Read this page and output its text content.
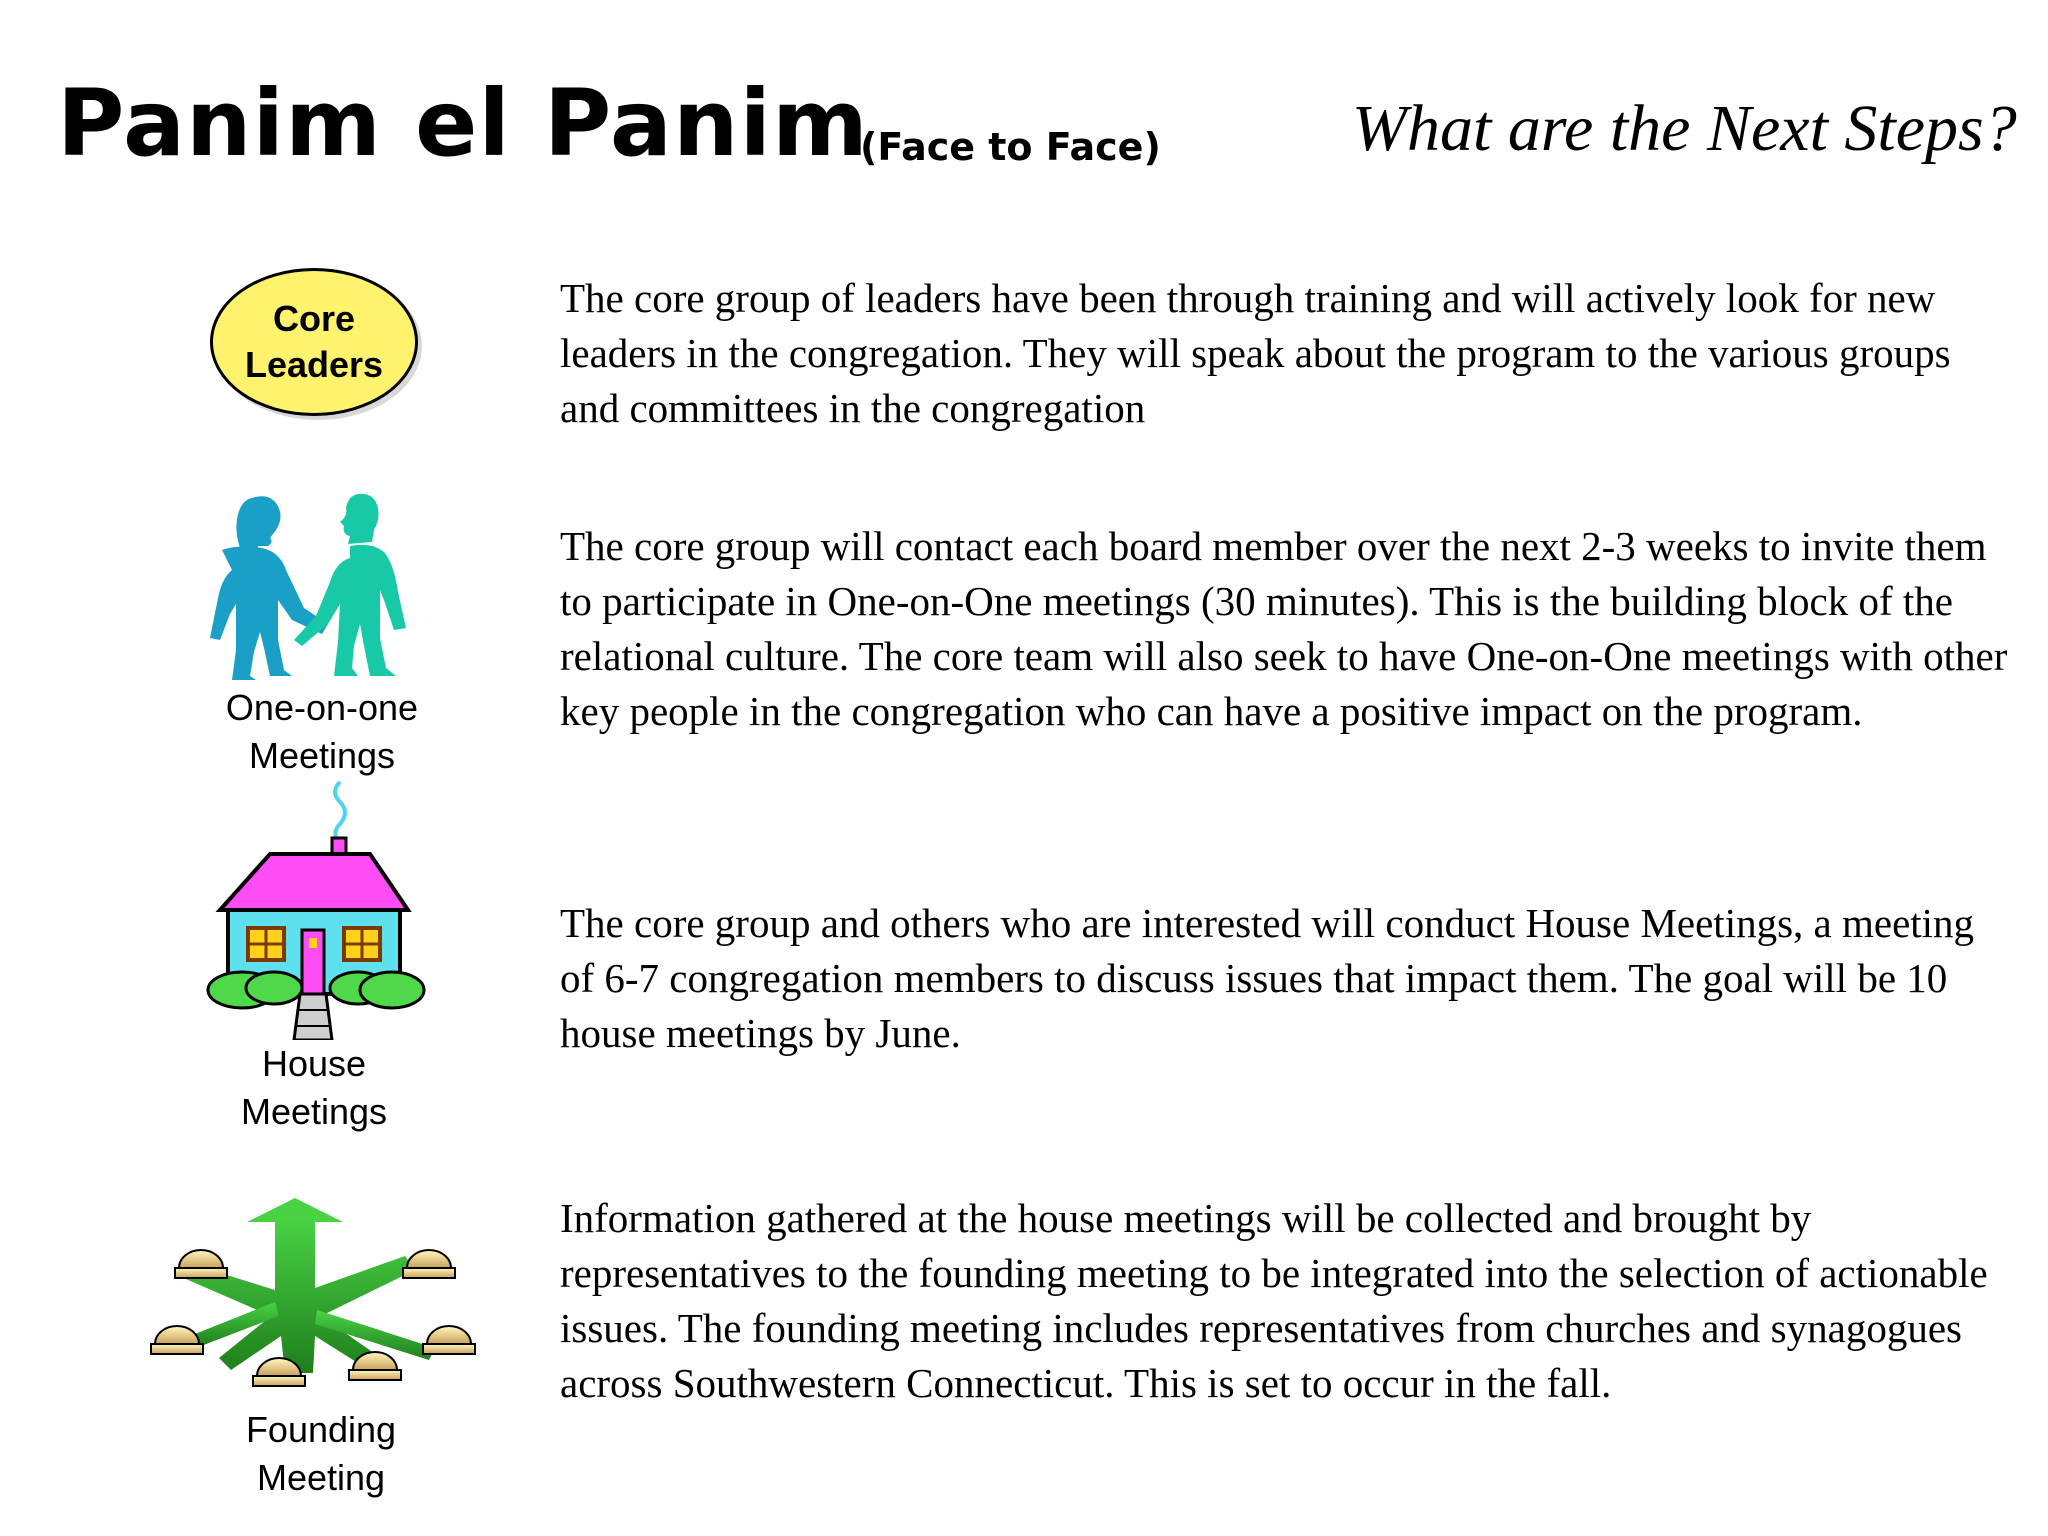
Panim el Panim
(Face to Face)	What are the Next Steps?
Core
Leaders
The core group of leaders have been through training and will actively look for new leaders in the congregation. They will speak about the program to the various groups and committees in the congregation
One-on-one
Meetings
The core group will contact each board member over the next 2-3 weeks to invite them to participate in One-on-One meetings (30 minutes). This is the building block of the relational culture. The core team will also seek to have One-on-One meetings with other key people in the congregation who can have a positive impact on the program.
House
Meetings
The core group and others who are interested will conduct House Meetings, a meeting of 6-7 congregation members to discuss issues that impact them. The goal will be 10 house meetings by June.
Founding
Meeting
Information gathered at the house meetings will be collected and brought by representatives to the founding meeting to be integrated into the selection of actionable issues. The founding meeting includes representatives from churches and synagogues across Southwestern Connecticut. This is set to occur in the fall.
